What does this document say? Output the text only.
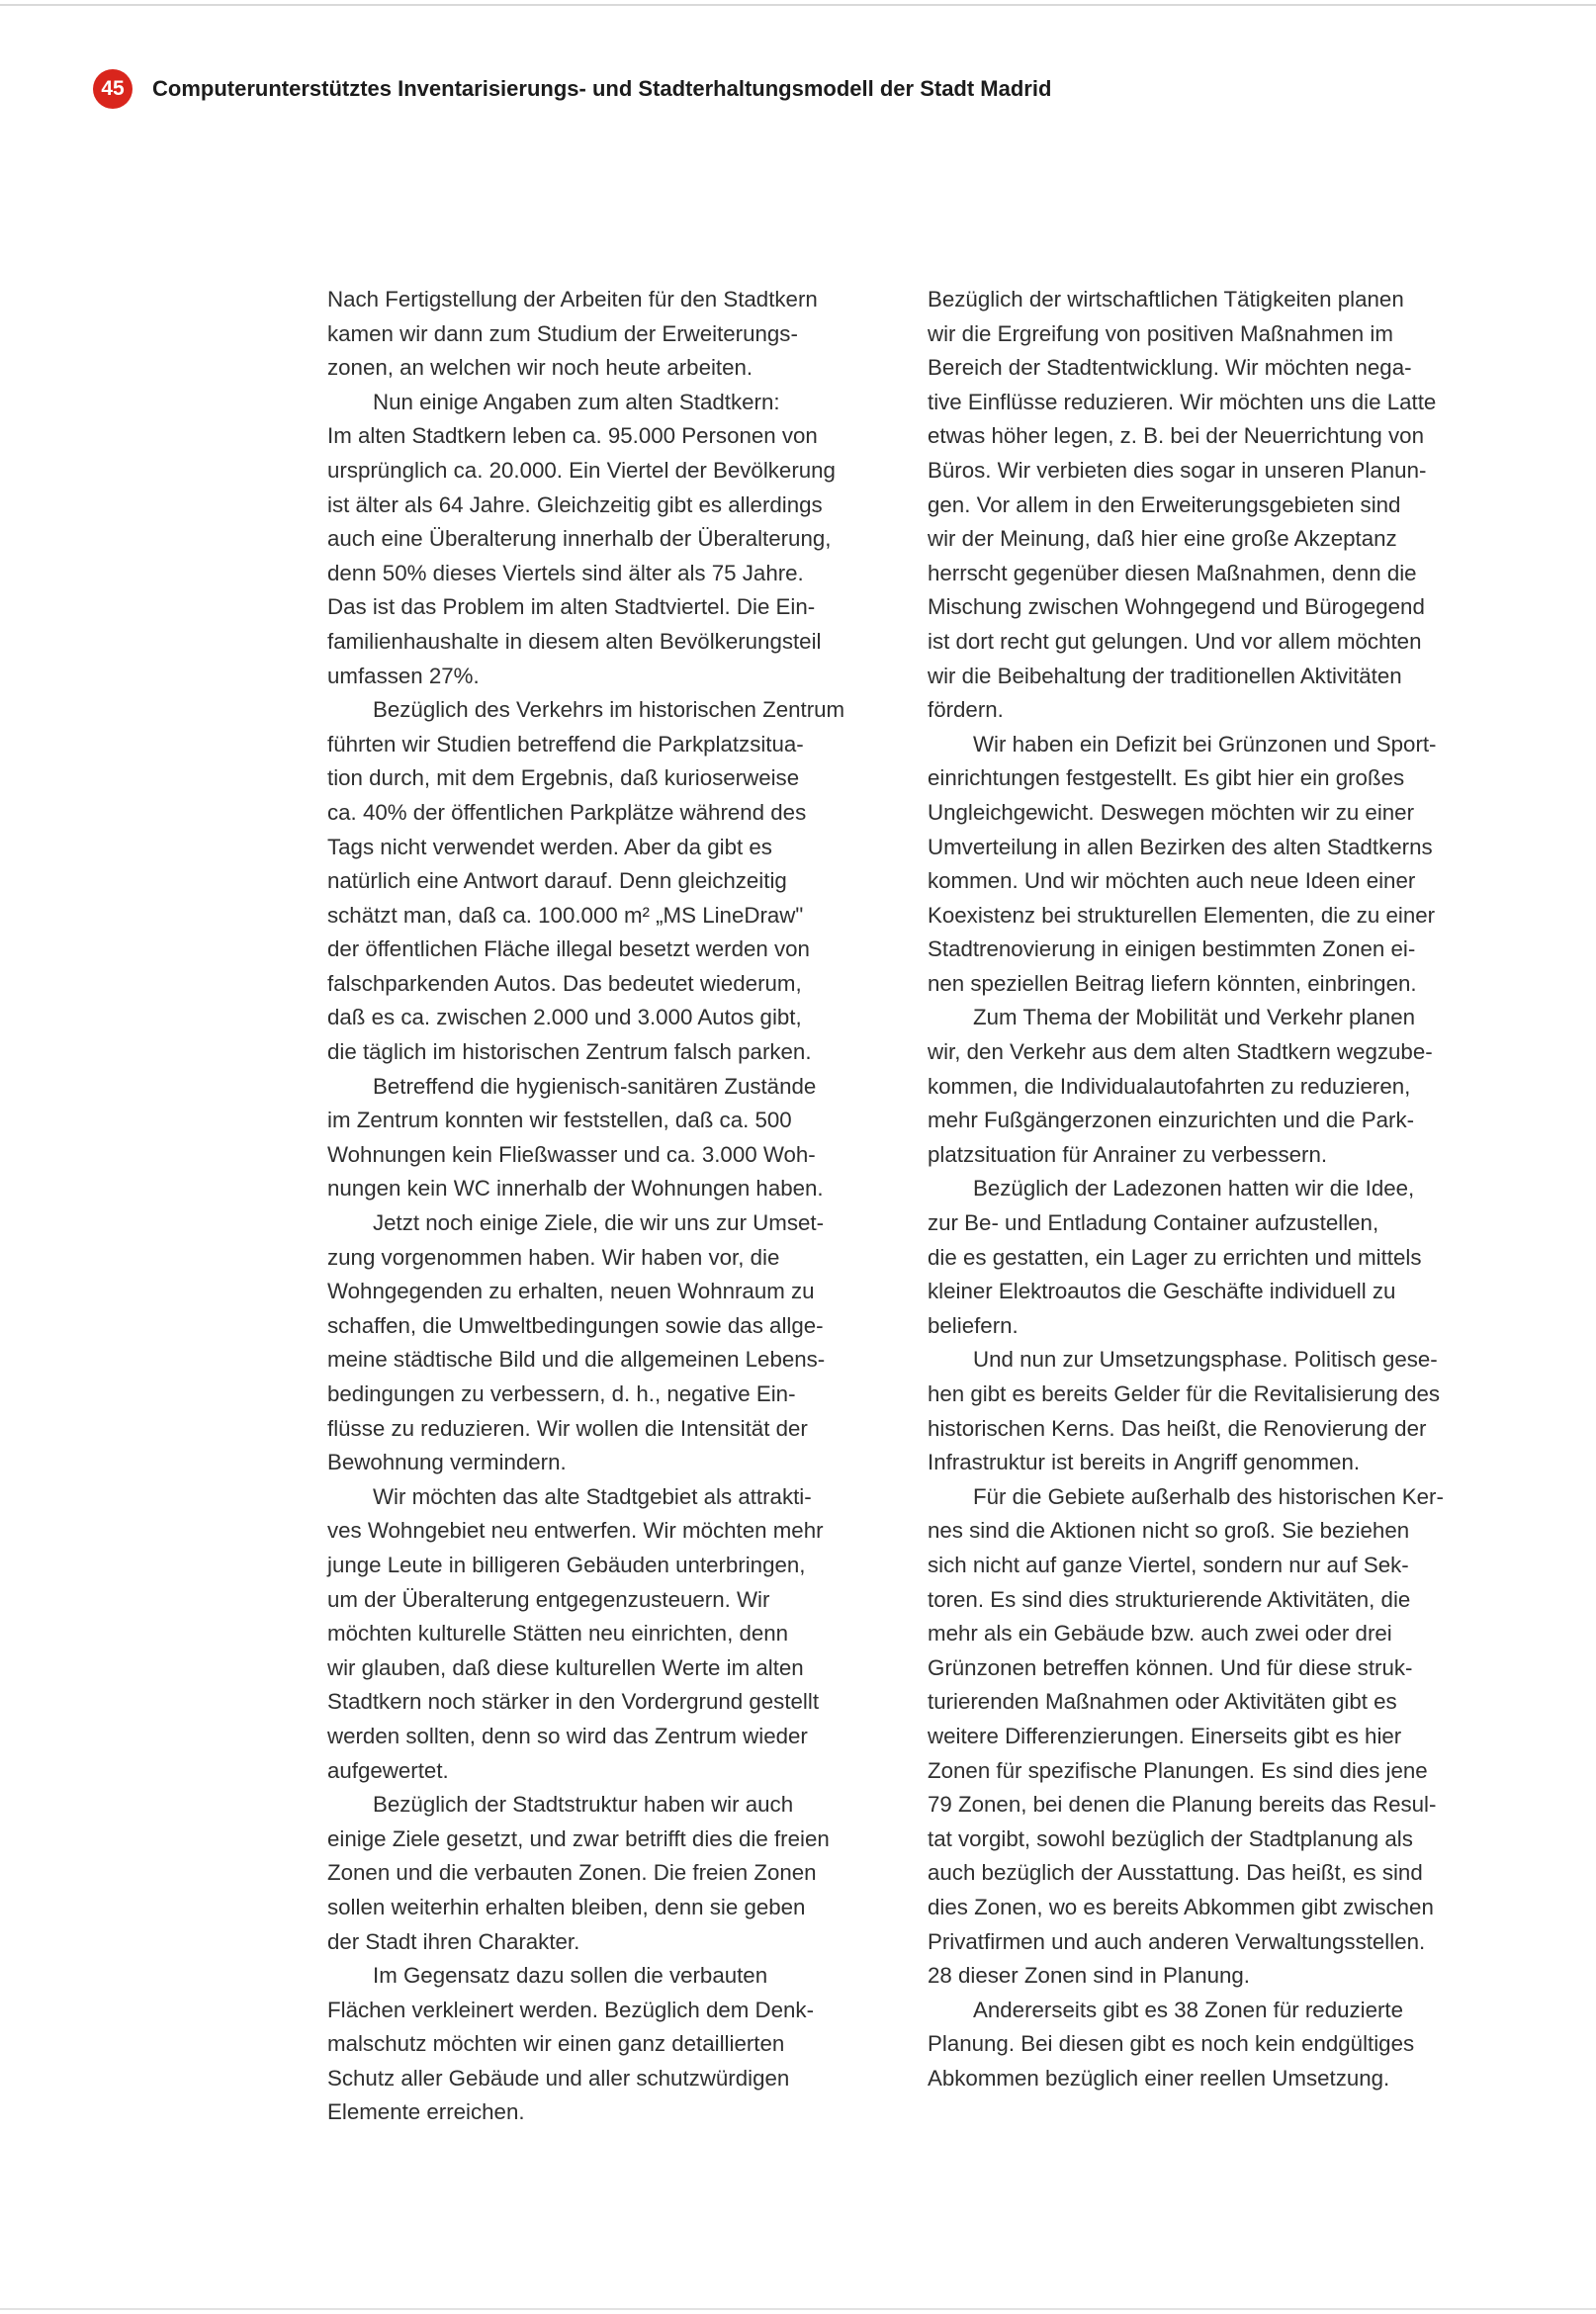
45	Computerunterstütztes Inventarisierungs- und Stadterhaltungsmodell der Stadt Madrid
Nach Fertigstellung der Arbeiten für den Stadtkern
kamen wir dann zum Studium der Erweiterungs-
zonen, an welchen wir noch heute arbeiten.
Nun einige Angaben zum alten Stadtkern:
Im alten Stadtkern leben ca. 95.000 Personen von
ursprünglich ca. 20.000. Ein Viertel der Bevölkerung
ist älter als 64 Jahre. Gleichzeitig gibt es allerdings
auch eine Überalterung innerhalb der Überalterung,
denn 50% dieses Viertels sind älter als 75 Jahre.
Das ist das Problem im alten Stadtviertel. Die Ein-
familienhaushalte in diesem alten Bevölkerungsteil
umfassen 27%.
Bezüglich des Verkehrs im historischen Zentrum
führten wir Studien betreffend die Parkplatzsitua-
tion durch, mit dem Ergebnis, daß kurioserweise
ca. 40% der öffentlichen Parkplätze während des
Tags nicht verwendet werden. Aber da gibt es
natürlich eine Antwort darauf. Denn gleichzeitig
schätzt man, daß ca. 100.000 m² „MS LineDraw"
der öffentlichen Fläche illegal besetzt werden von
falschparkenden Autos. Das bedeutet wiederum,
daß es ca. zwischen 2.000 und 3.000 Autos gibt,
die täglich im historischen Zentrum falsch parken.
Betreffend die hygienisch-sanitären Zustände
im Zentrum konnten wir feststellen, daß ca. 500
Wohnungen kein Fließwasser und ca. 3.000 Woh-
nungen kein WC innerhalb der Wohnungen haben.
Jetzt noch einige Ziele, die wir uns zur Umset-
zung vorgenommen haben. Wir haben vor, die
Wohngegenden zu erhalten, neuen Wohnraum zu
schaffen, die Umweltbedingungen sowie das allge-
meine städtische Bild und die allgemeinen Lebens-
bedingungen zu verbessern, d. h., negative Ein-
flüsse zu reduzieren. Wir wollen die Intensität der
Bewohnung vermindern.
Wir möchten das alte Stadtgebiet als attrakti-
ves Wohngebiet neu entwerfen. Wir möchten mehr
junge Leute in billigeren Gebäuden unterbringen,
um der Überalterung entgegenzusteuern. Wir
möchten kulturelle Stätten neu einrichten, denn
wir glauben, daß diese kulturellen Werte im alten
Stadtkern noch stärker in den Vordergrund gestellt
werden sollten, denn so wird das Zentrum wieder
aufgewertet.
Bezüglich der Stadtstruktur haben wir auch
einige Ziele gesetzt, und zwar betrifft dies die freien
Zonen und die verbauten Zonen. Die freien Zonen
sollen weiterhin erhalten bleiben, denn sie geben
der Stadt ihren Charakter.
Im Gegensatz dazu sollen die verbauten
Flächen verkleinert werden. Bezüglich dem Denk-
malschutz möchten wir einen ganz detaillierten
Schutz aller Gebäude und aller schutzwürdigen
Elemente erreichen.
Bezüglich der wirtschaftlichen Tätigkeiten planen
wir die Ergreifung von positiven Maßnahmen im
Bereich der Stadtentwicklung. Wir möchten nega-
tive Einflüsse reduzieren. Wir möchten uns die Latte
etwas höher legen, z. B. bei der Neuerrichtung von
Büros. Wir verbieten dies sogar in unseren Planun-
gen. Vor allem in den Erweiterungsgebieten sind
wir der Meinung, daß hier eine große Akzeptanz
herrscht gegenüber diesen Maßnahmen, denn die
Mischung zwischen Wohngegend und Bürogegend
ist dort recht gut gelungen. Und vor allem möchten
wir die Beibehaltung der traditionellen Aktivitäten
fördern.
Wir haben ein Defizit bei Grünzonen und Sport-
einrichtungen festgestellt. Es gibt hier ein großes
Ungleichgewicht. Deswegen möchten wir zu einer
Umverteilung in allen Bezirken des alten Stadtkerns
kommen. Und wir möchten auch neue Ideen einer
Koexistenz bei strukturellen Elementen, die zu einer
Stadtrenovierung in einigen bestimmten Zonen ei-
nen speziellen Beitrag liefern könnten, einbringen.
Zum Thema der Mobilität und Verkehr planen
wir, den Verkehr aus dem alten Stadtkern wegzube-
kommen, die Individualautofahrten zu reduzieren,
mehr Fußgängerzonen einzurichten und die Park-
platzsituation für Anrainer zu verbessern.
Bezüglich der Ladezonen hatten wir die Idee,
zur Be- und Entladung Container aufzustellen,
die es gestatten, ein Lager zu errichten und mittels
kleiner Elektroautos die Geschäfte individuell zu
beliefern.
Und nun zur Umsetzungsphase. Politisch gese-
hen gibt es bereits Gelder für die Revitalisierung des
historischen Kerns. Das heißt, die Renovierung der
Infrastruktur ist bereits in Angriff genommen.
Für die Gebiete außerhalb des historischen Ker-
nes sind die Aktionen nicht so groß. Sie beziehen
sich nicht auf ganze Viertel, sondern nur auf Sek-
toren. Es sind dies strukturierende Aktivitäten, die
mehr als ein Gebäude bzw. auch zwei oder drei
Grünzonen betreffen können. Und für diese struk-
turierenden Maßnahmen oder Aktivitäten gibt es
weitere Differenzierungen. Einerseits gibt es hier
Zonen für spezifische Planungen. Es sind dies jene
79 Zonen, bei denen die Planung bereits das Resul-
tat vorgibt, sowohl bezüglich der Stadtplanung als
auch bezüglich der Ausstattung. Das heißt, es sind
dies Zonen, wo es bereits Abkommen gibt zwischen
Privatfirmen und auch anderen Verwaltungsstellen.
28 dieser Zonen sind in Planung.
Andererseits gibt es 38 Zonen für reduzierte
Planung. Bei diesen gibt es noch kein endgültiges
Abkommen bezüglich einer reellen Umsetzung.
